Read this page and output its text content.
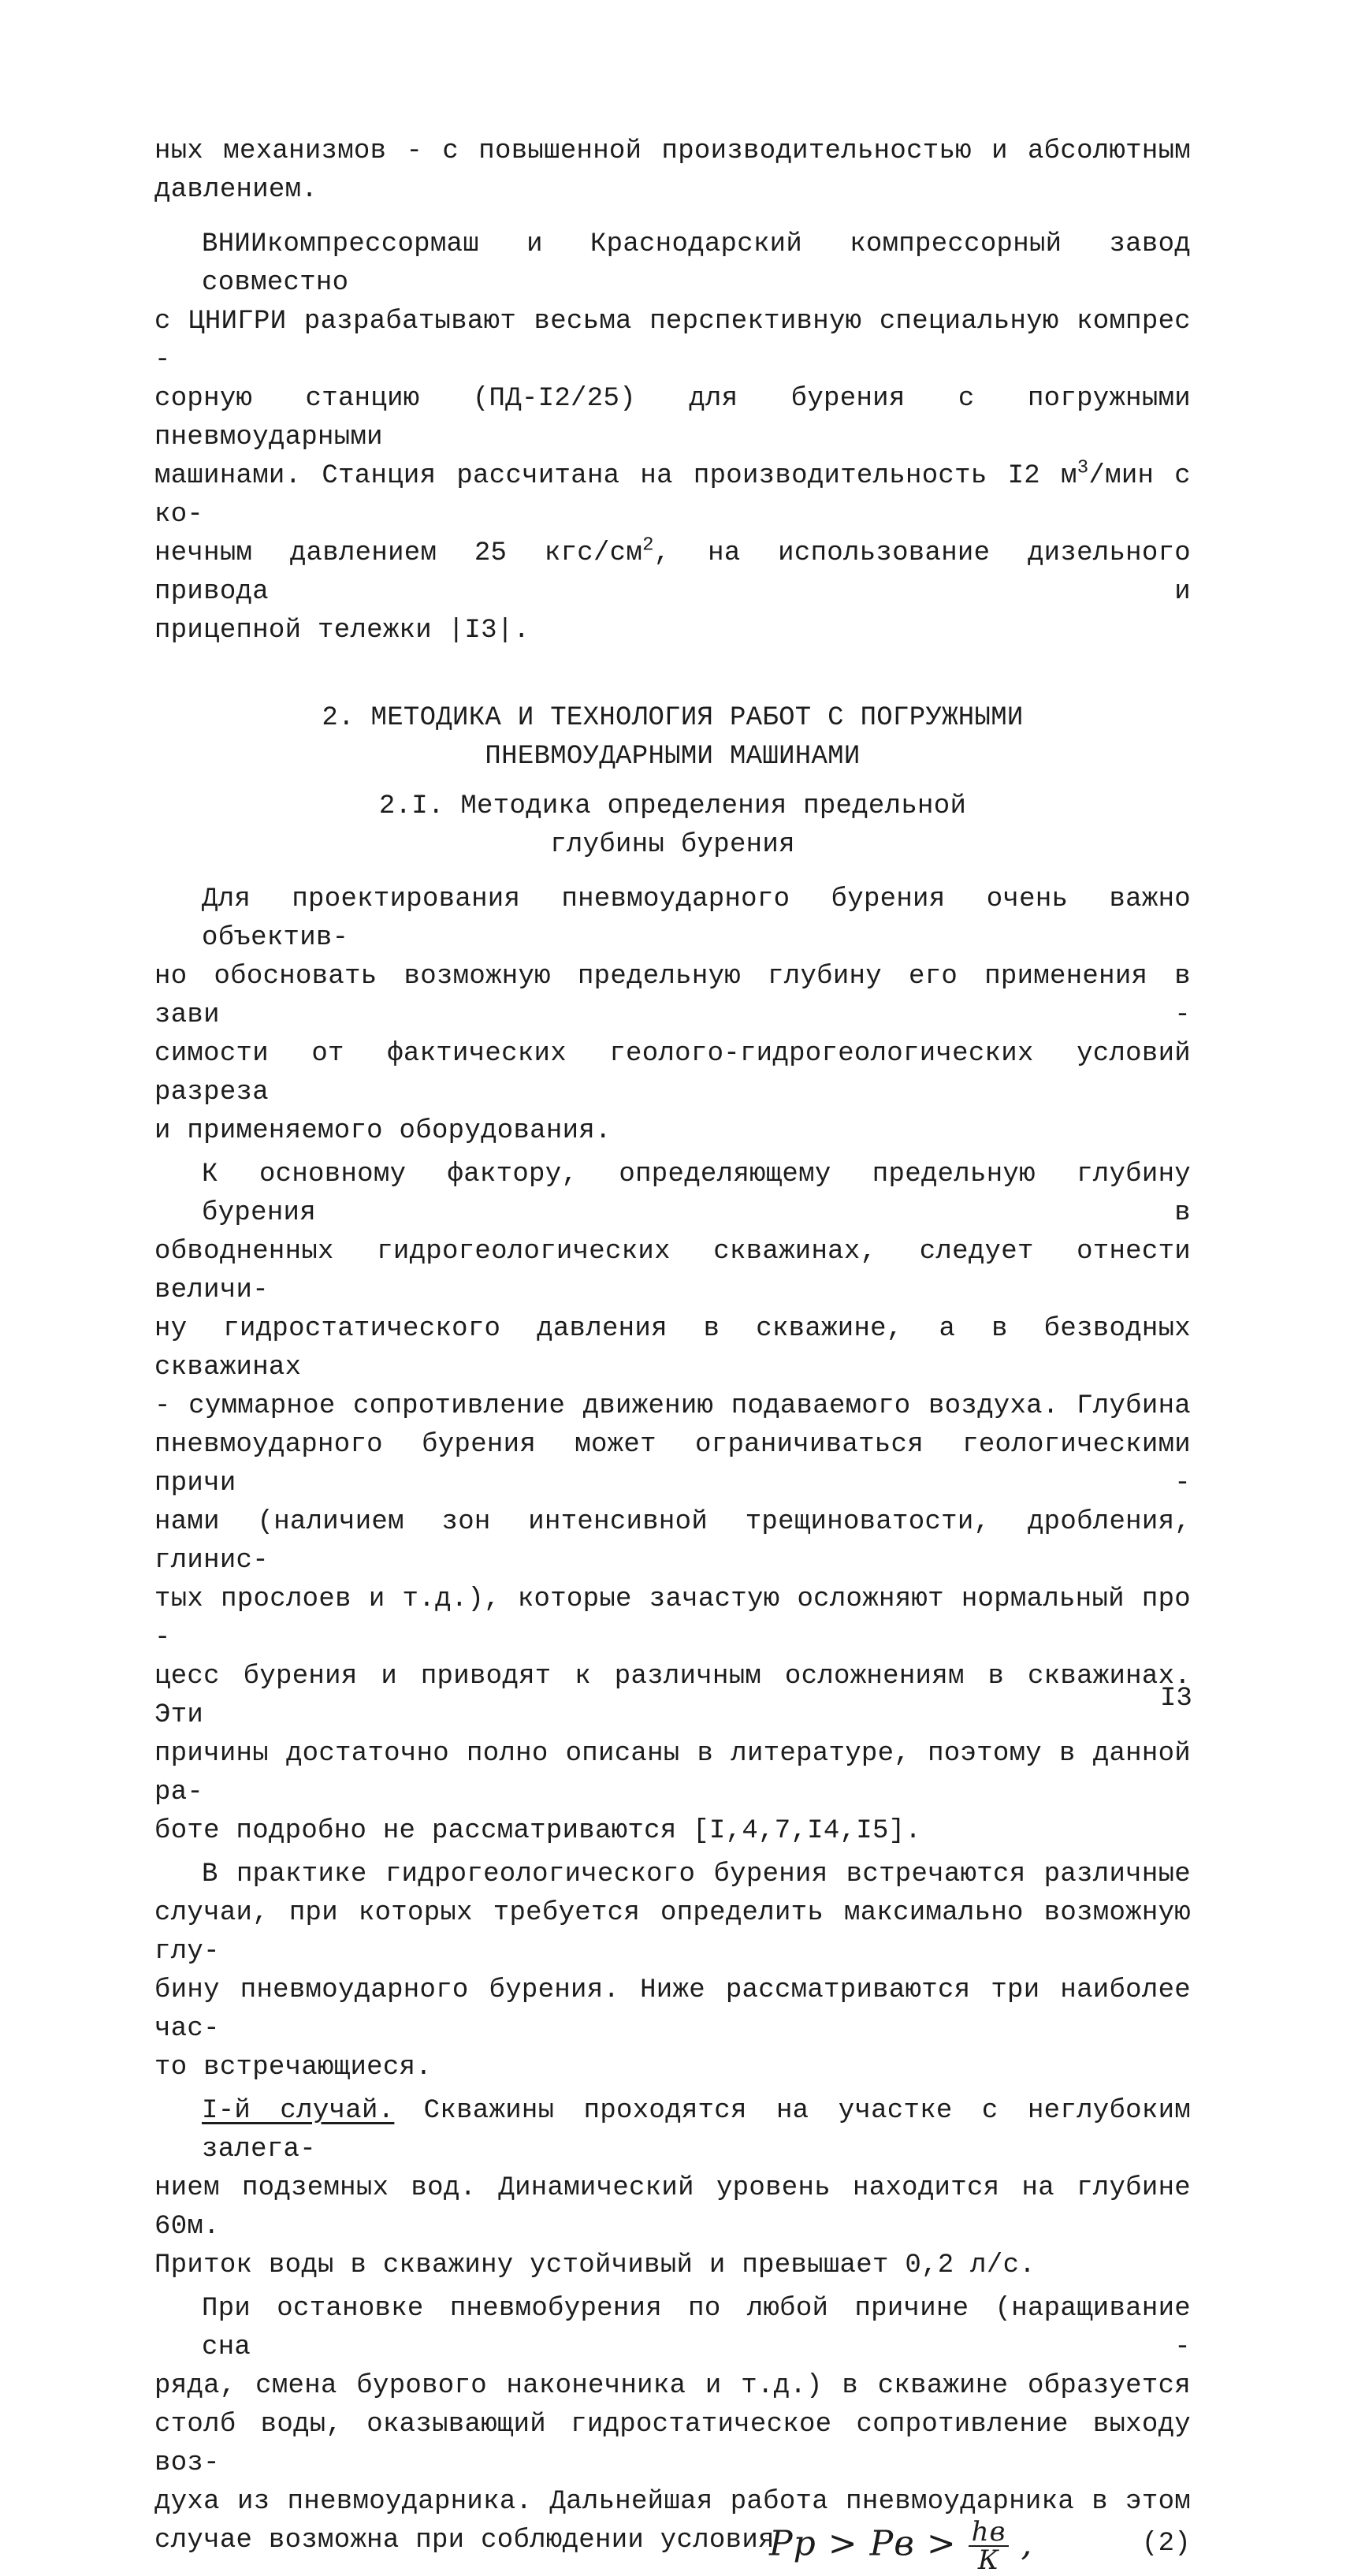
ных механизмов - с повышенной производительностью и абсолютным
давлением.
ВНИИкомпрессормаш и Краснодарский компрессорный завод совместно
с ЦНИГРИ разрабатывают весьма перспективную специальную компрес -
сорную станцию (ПД-I2/25) для бурения с погружными пневмоударными
машинами. Станция рассчитана на производительность I2 $м^3$/мин с ко-
нечным давлением 25 кгс/$см^2$, на использование дизельного привода и
прицепной тележки |I3|.
2. МЕТОДИКА И ТЕХНОЛОГИЯ РАБОТ С ПОГРУЖНЫМИ
ПНЕВМОУДАРНЫМИ МАШИНАМИ
2.I. Методика определения предельной
глубины бурения
Для проектирования пневмоударного бурения очень важно объектив-
но обосновать возможную предельную глубину его применения в зави -
симости от фактических геолого-гидрогеологических условий разреза
и применяемого оборудования.
К основному фактору, определяющему предельную глубину бурения в
обводненных гидрогеологических скважинах, следует отнести величи-
ну гидростатического давления в скважине, а в безводных скважинах
- суммарное сопротивление движению подаваемого воздуха. Глубина
пневмоударного бурения может ограничиваться геологическими причи -
нами (наличием зон интенсивной трещиноватости, дробления, глинис-
тых прослоев и т.д.), которые зачастую осложняют нормальный про -
цесс бурения и приводят к различным осложнениям в скважинах. Эти
причины достаточно полно описаны в литературе, поэтому в данной ра-
боте подробно не рассматриваются [I,4,7,I4,I5].
В практике гидрогеологического бурения встречаются различные
случаи, при которых требуется определить максимально возможную глу-
бину пневмоударного бурения. Ниже рассматриваются три наиболее час-
то встречающиеся.
I-й случай. Скважины проходятся на участке с неглубоким залега-
нием подземных вод. Динамический уровень находится на глубине 60м.
Приток воды в скважину устойчивый и превышает 0,2 л/с.
При остановке пневмобурения по любой причине (наращивание сна -
ряда, смена бурового наконечника и т.д.) в скважине образуется
столб воды, оказывающий гидростатическое сопротивление выходу воз-
духа из пневмоударника. Дальнейшая работа пневмоударника в этом
случае возможна при соблюдении условия
Pp > Pв > $\frac{hв}{К}$ ,	(2)
I3
